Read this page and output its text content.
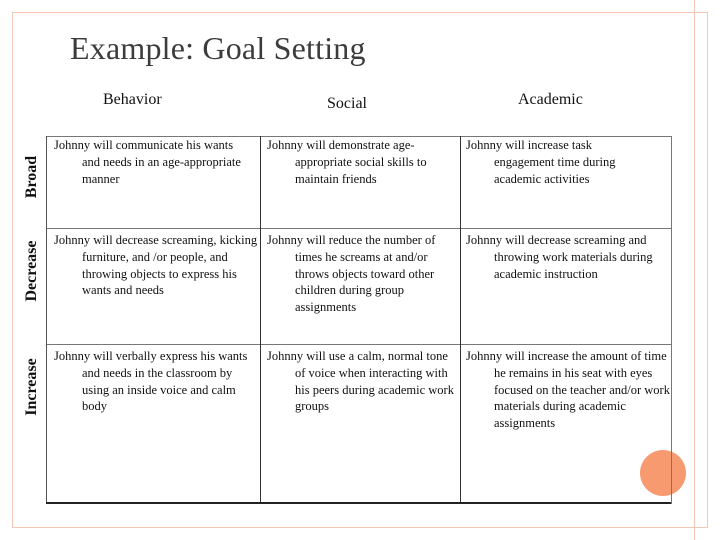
Example: Goal Setting
Behavior	Social	Academic
Broad
Decrease
Increase
Johnny will communicate his wants and needs in an age-appropriate manner
Johnny will demonstrate age-appropriate social skills to maintain friends
Johnny will increase task engagement time during academic activities
Johnny will decrease screaming, kicking furniture, and /or people, and throwing objects to express his wants and needs
Johnny will reduce the number of times he screams at and/or throws objects toward other children during group assignments
Johnny will decrease screaming and throwing work materials during academic instruction
Johnny will verbally express his wants and needs in the classroom by using an inside voice and calm body
Johnny will use a calm, normal tone of voice when interacting with his peers during academic work groups
Johnny will increase the amount of time he remains in his seat with eyes focused on the teacher and/or work materials during academic assignments
